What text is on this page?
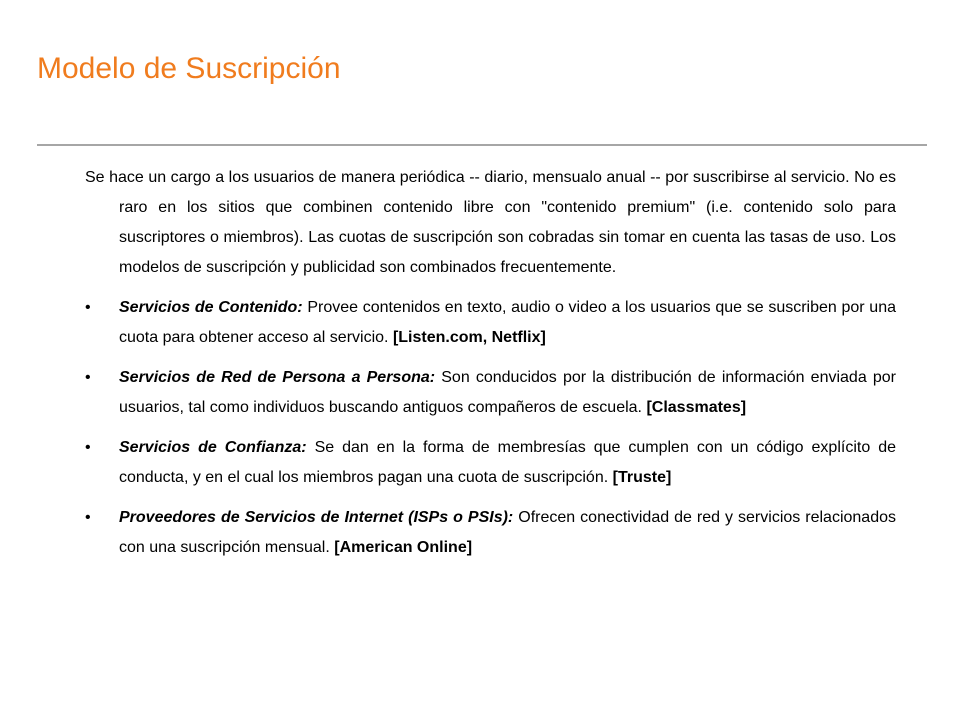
Modelo de Suscripción

Se hace un cargo a los usuarios de manera periódica -- diario, mensualo anual -- por suscribirse al servicio. No es raro en los sitios que combinen contenido libre con "contenido premium" (i.e. contenido solo para suscriptores o miembros). Las cuotas de suscripción son cobradas sin tomar en cuenta las tasas de uso. Los modelos de suscripción y publicidad son combinados frecuentemente.

• Servicios de Contenido: Provee contenidos en texto, audio o video a los usuarios que se suscriben por una cuota para obtener acceso al servicio. [Listen.com, Netflix]
• Servicios de Red de Persona a Persona: Son conducidos por la distribución de información enviada por usuarios, tal como individuos buscando antiguos compañeros de escuela. [Classmates]
• Servicios de Confianza: Se dan en la forma de membresías que cumplen con un código explícito de conducta, y en el cual los miembros pagan una cuota de suscripción. [Truste]
• Proveedores de Servicios de Internet (ISPs o PSIs): Ofrecen conectividad de red y servicios relacionados con una suscripción mensual. [American Online]
